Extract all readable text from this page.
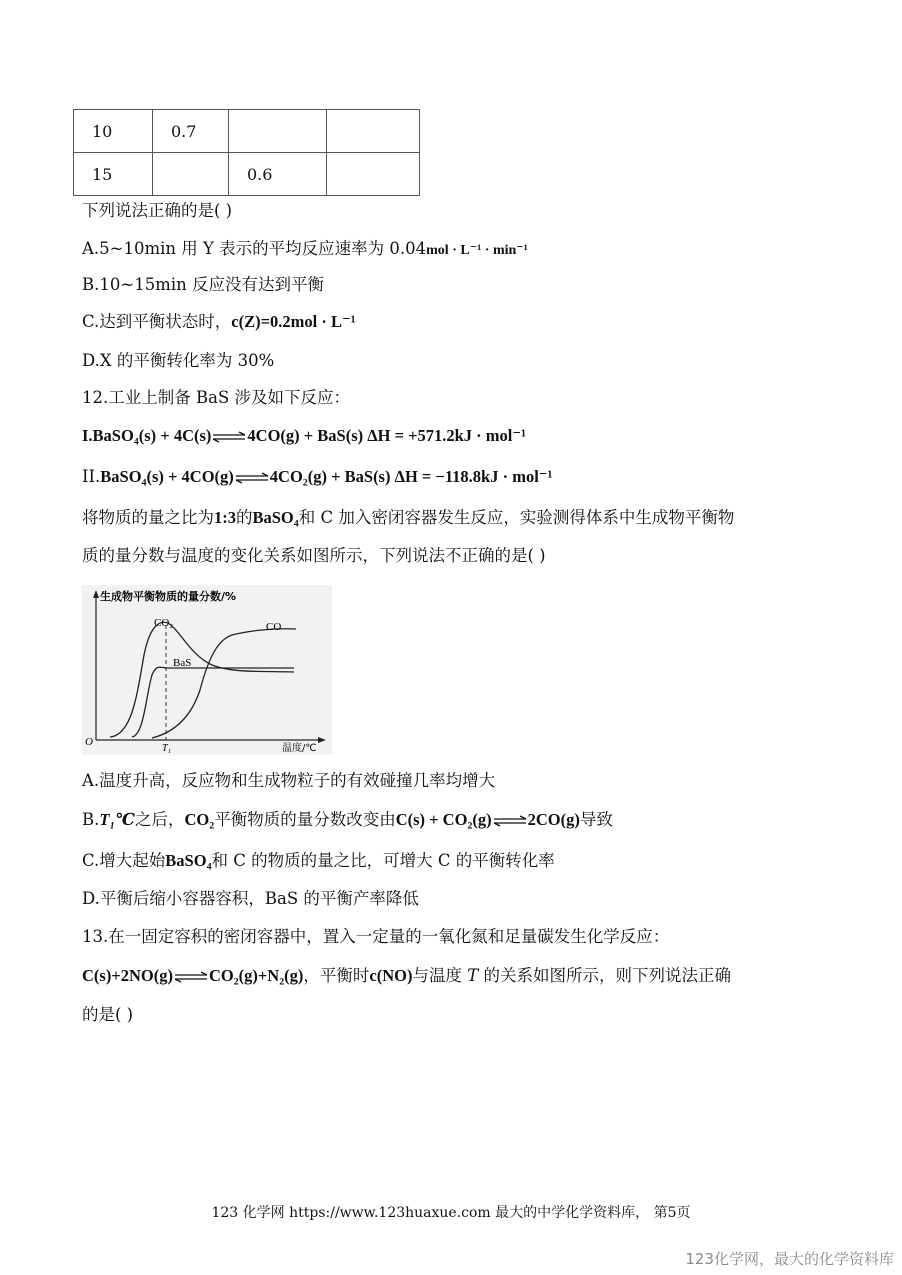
10	0.7		

15		0.6	

下列说法正确的是( )
A.5~10min 用 Y 表示的平均反应速率为 0.04mol · L⁻¹ · min⁻¹
B.10~15min 反应没有达到平衡
C.达到平衡状态时，c(Z)=0.2mol · L⁻¹
D.X 的平衡转化率为 30%
12.工业上制备 BaS 涉及如下反应：
I.BaSO₄(s) + 4C(s)⇌4CO(g) + BaS(s) ΔH = +571.2kJ · mol⁻¹
II.BaSO₄(s) + 4CO(g)⇌4CO₂(g) + BaS(s) ΔH = −118.8kJ · mol⁻¹
将物质的量之比为1:3的BaSO₄和 C 加入密闭容器发生反应，实验测得体系中生成物平衡物
质的量分数与温度的变化关系如图所示，下列说法不正确的是( )
生成物平衡物质的量分数/%
CO₂
BaS
CO
O
T₁	温度/℃
A.温度升高，反应物和生成物粒子的有效碰撞几率均增大
B.T₁℃之后，CO₂平衡物质的量分数改变由C(s) + CO₂(g)⇌2CO(g)导致
C.增大起始BaSO₄和 C 的物质的量之比，可增大 C 的平衡转化率
D.平衡后缩小容器容积，BaS 的平衡产率降低
13.在一固定容积的密闭容器中，置入一定量的一氧化氮和足量碳发生化学反应：
C(s)+2NO(g)⇌CO₂(g)+N₂(g)，平衡时c(NO)与温度 T 的关系如图所示，则下列说法正确
的是( )
123 化学网 https://www.123huaxue.com 最大的中学化学资料库， 第5页
123化学网，最大的化学资料库
